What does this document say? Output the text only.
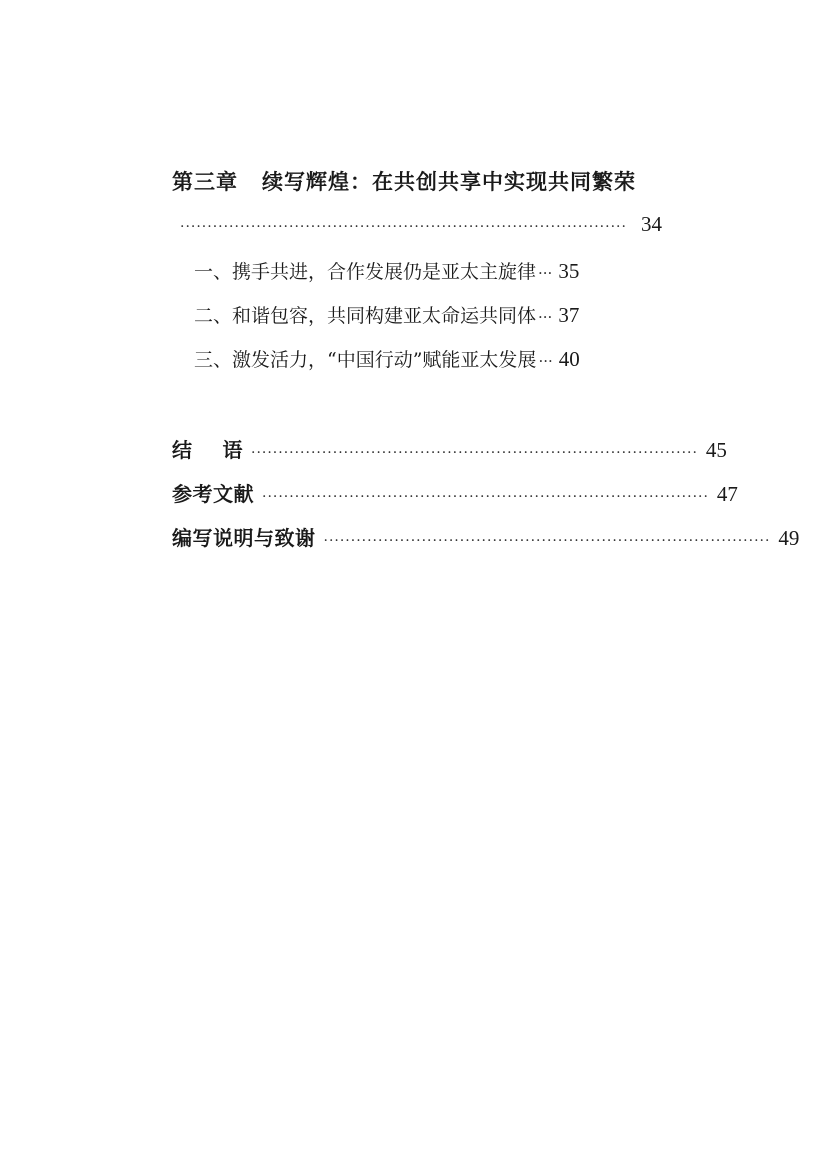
第三章 续写辉煌：在共创共享中实现共同繁荣
·················································································· 34
一、携手共进，合作发展仍是亚太主旋律 ··· 35
二、和谐包容，共同构建亚太命运共同体 ··· 37
三、激发活力，“中国行动”赋能亚太发展 ··· 40
结 语 ·················································································· 45
参考文献 ·················································································· 47
编写说明与致谢 ·················································································· 49
